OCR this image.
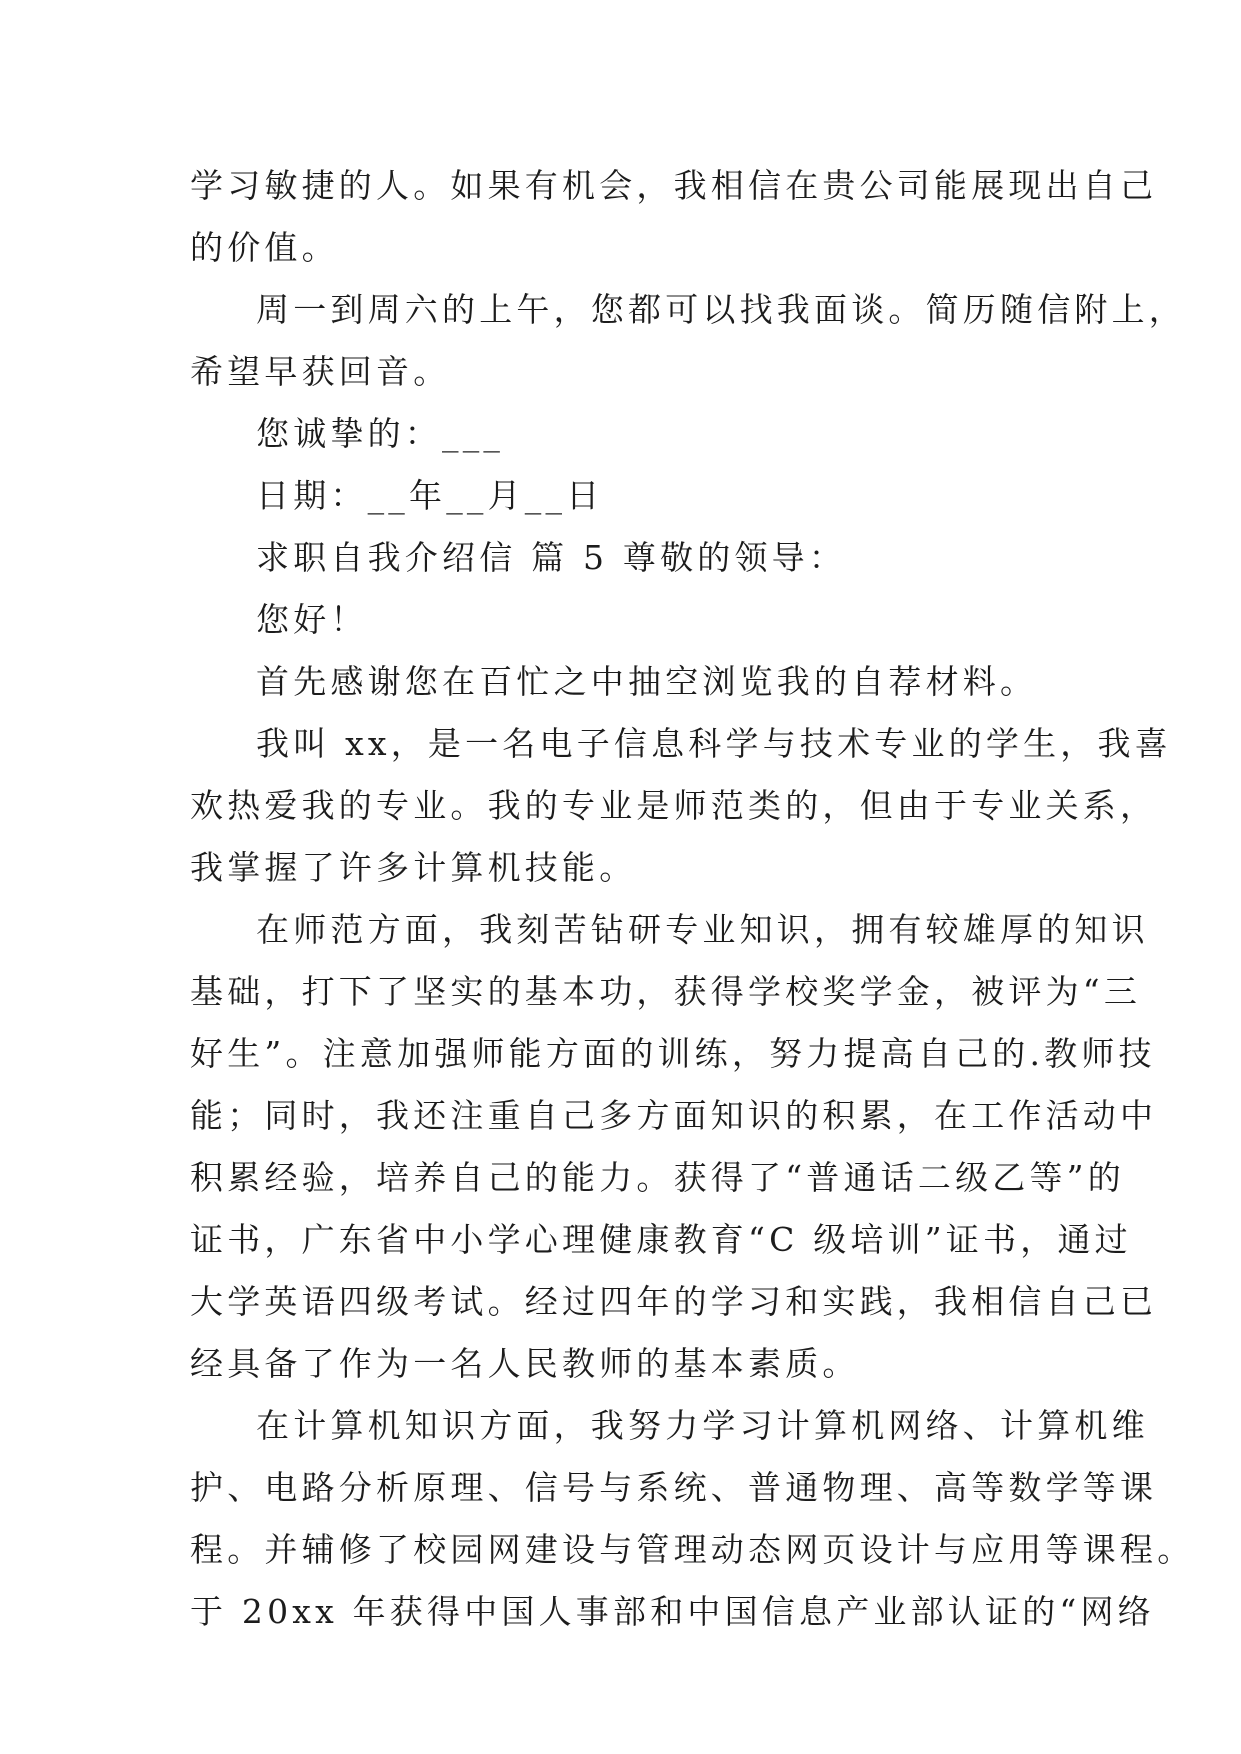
学习敏捷的人。如果有机会，我相信在贵公司能展现出自己
的价值。
周一到周六的上午，您都可以找我面谈。简历随信附上，
希望早获回音。
您诚挚的：___
日期：__年__月__日
求职自我介绍信 篇 5 尊敬的领导：
您好！
首先感谢您在百忙之中抽空浏览我的自荐材料。
我叫 xx，是一名电子信息科学与技术专业的学生，我喜
欢热爱我的专业。我的专业是师范类的，但由于专业关系，
我掌握了许多计算机技能。
在师范方面，我刻苦钻研专业知识，拥有较雄厚的知识
基础，打下了坚实的基本功，获得学校奖学金，被评为“三
好生”。注意加强师能方面的训练，努力提高自己的.教师技
能；同时，我还注重自己多方面知识的积累，在工作活动中
积累经验，培养自己的能力。获得了“普通话二级乙等”的
证书，广东省中小学心理健康教育“C 级培训”证书，通过
大学英语四级考试。经过四年的学习和实践，我相信自己已
经具备了作为一名人民教师的基本素质。
在计算机知识方面，我努力学习计算机网络、计算机维
护、电路分析原理、信号与系统、普通物理、高等数学等课
程。并辅修了校园网建设与管理动态网页设计与应用等课程。
于 20xx 年获得中国人事部和中国信息产业部认证的“网络
